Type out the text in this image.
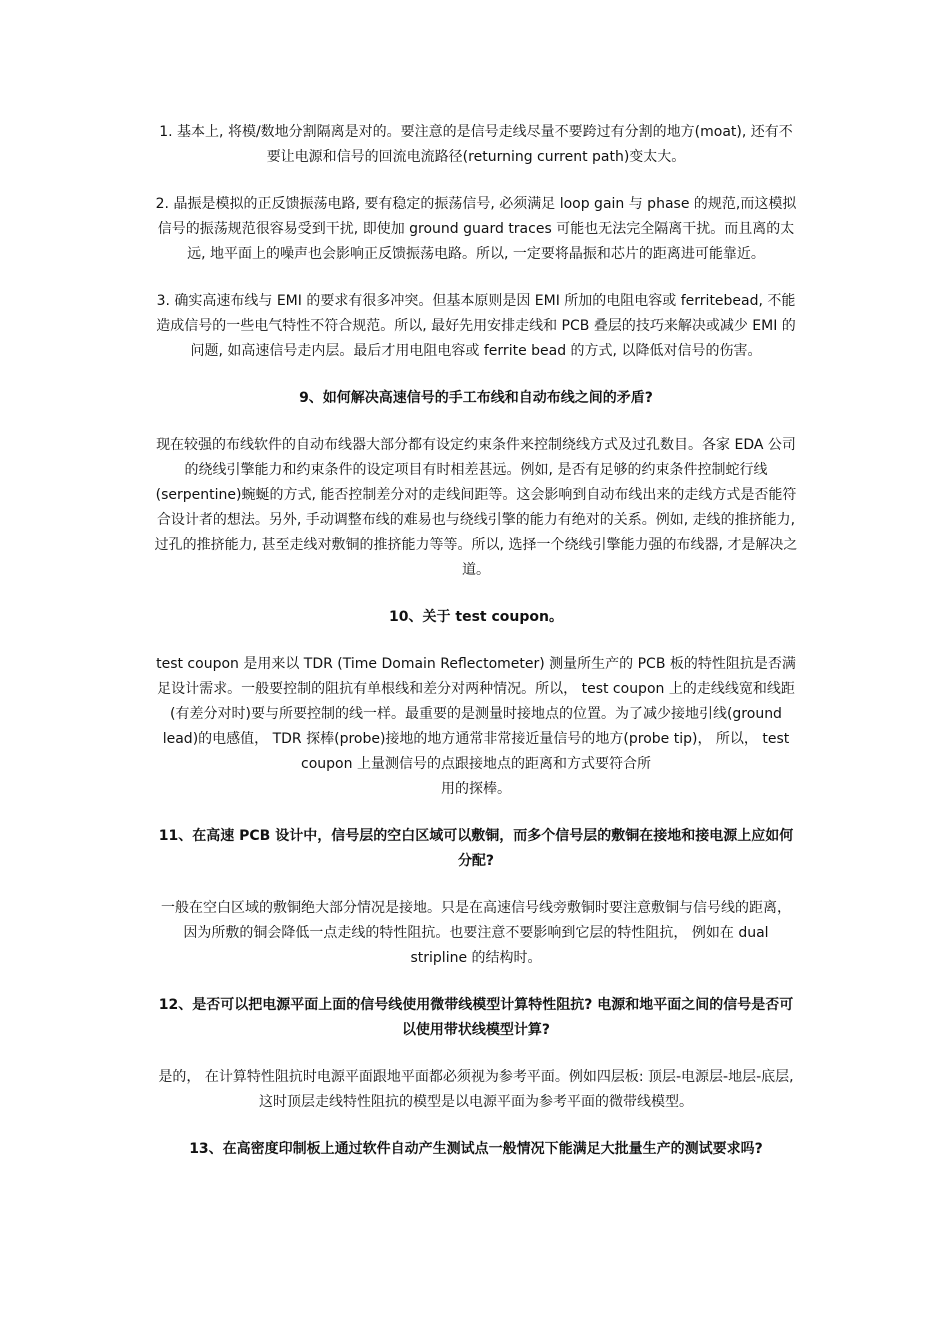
1. 基本上, 将模/数地分割隔离是对的。要注意的是信号走线尽量不要跨过有分割的地方(moat), 还有不
要让电源和信号的回流电流路径(returning current path)变太大。

2. 晶振是模拟的正反馈振荡电路, 要有稳定的振荡信号, 必须满足 loop gain 与 phase 的规范,而这模拟
信号的振荡规范很容易受到干扰, 即使加 ground guard traces 可能也无法完全隔离干扰。而且离的太
远, 地平面上的噪声也会影响正反馈振荡电路。所以, 一定要将晶振和芯片的距离进可能靠近。

3. 确实高速布线与 EMI 的要求有很多冲突。但基本原则是因 EMI 所加的电阻电容或 ferritebead, 不能
造成信号的一些电气特性不符合规范。所以, 最好先用安排走线和 PCB 叠层的技巧来解决或减少 EMI 的
问题, 如高速信号走内层。最后才用电阻电容或 ferrite bead 的方式, 以降低对信号的伤害。

9、如何解决高速信号的手工布线和自动布线之间的矛盾?

现在较强的布线软件的自动布线器大部分都有设定约束条件来控制绕线方式及过孔数目。各家 EDA 公司
的绕线引擎能力和约束条件的设定项目有时相差甚远。例如, 是否有足够的约束条件控制蛇行线
(serpentine)蜿蜒的方式, 能否控制差分对的走线间距等。这会影响到自动布线出来的走线方式是否能符
合设计者的想法。另外, 手动调整布线的难易也与绕线引擎的能力有绝对的关系。例如, 走线的推挤能力,
过孔的推挤能力, 甚至走线对敷铜的推挤能力等等。所以, 选择一个绕线引擎能力强的布线器, 才是解决之
道。

10、关于 test coupon。

test coupon 是用来以 TDR (Time Domain Reflectometer) 测量所生产的 PCB 板的特性阻抗是否满
足设计需求。一般要控制的阻抗有单根线和差分对两种情况。所以， test coupon 上的走线线宽和线距
(有差分对时)要与所要控制的线一样。最重要的是测量时接地点的位置。为了减少接地引线(ground
lead)的电感值， TDR 探棒(probe)接地的地方通常非常接近量信号的地方(probe tip)， 所以， test
coupon 上量测信号的点跟接地点的距离和方式要符合所
用的探棒。

11、在高速 PCB 设计中，信号层的空白区域可以敷铜，而多个信号层的敷铜在接地和接电源上应如何
分配?

一般在空白区域的敷铜绝大部分情况是接地。只是在高速信号线旁敷铜时要注意敷铜与信号线的距离，
因为所敷的铜会降低一点走线的特性阻抗。也要注意不要影响到它层的特性阻抗， 例如在 dual
stripline 的结构时。

12、是否可以把电源平面上面的信号线使用微带线模型计算特性阻抗? 电源和地平面之间的信号是否可
以使用带状线模型计算?

是的， 在计算特性阻抗时电源平面跟地平面都必须视为参考平面。例如四层板: 顶层-电源层-地层-底层,
这时顶层走线特性阻抗的模型是以电源平面为参考平面的微带线模型。

13、在高密度印制板上通过软件自动产生测试点一般情况下能满足大批量生产的测试要求吗?
